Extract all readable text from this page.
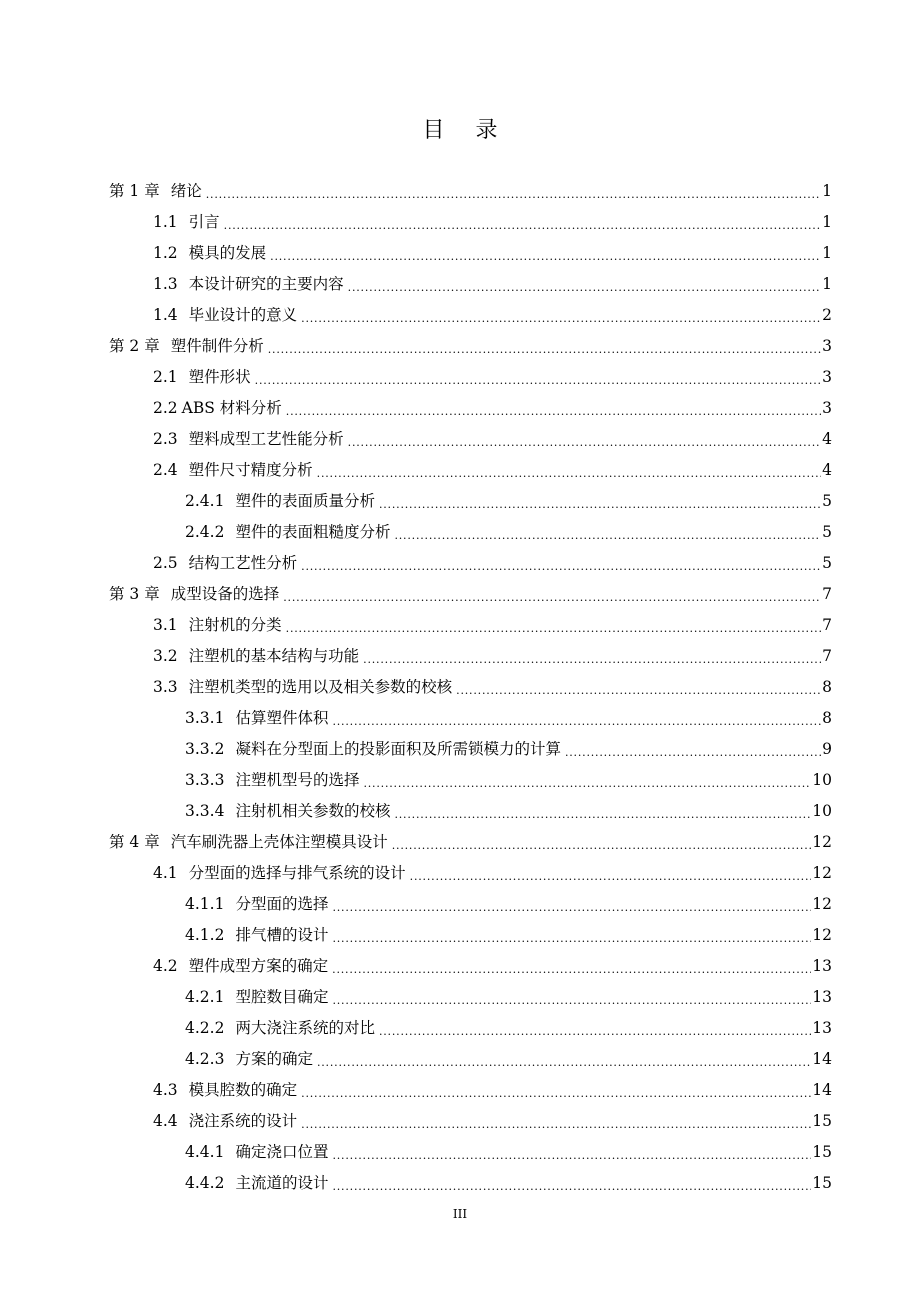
目 录
第 1 章 绪论 .....	1
1.1 引言 .....	1
1.2 模具的发展 .....	1
1.3 本设计研究的主要内容 .....	1
1.4 毕业设计的意义 .....	2
第 2 章 塑件制件分析 .....	3
2.1 塑件形状 .....	3
2.2 ABS 材料分析 .....	3
2.3 塑料成型工艺性能分析 .....	4
2.4 塑件尺寸精度分析 .....	4
2.4.1 塑件的表面质量分析 .....	5
2.4.2 塑件的表面粗糙度分析 .....	5
2.5 结构工艺性分析 .....	5
第 3 章 成型设备的选择 .....	7
3.1 注射机的分类 .....	7
3.2 注塑机的基本结构与功能 .....	7
3.3 注塑机类型的选用以及相关参数的校核 .....	8
3.3.1 估算塑件体积 .....	8
3.3.2 凝料在分型面上的投影面积及所需锁模力的计算 .....	9
3.3.3 注塑机型号的选择 .....	10
3.3.4 注射机相关参数的校核 .....	10
第 4 章 汽车刷洗器上壳体注塑模具设计 .....	12
4.1 分型面的选择与排气系统的设计 .....	12
4.1.1 分型面的选择 .....	12
4.1.2 排气槽的设计 .....	12
4.2 塑件成型方案的确定 .....	13
4.2.1 型腔数目确定 .....	13
4.2.2 两大浇注系统的对比 .....	13
4.2.3 方案的确定 .....	14
4.3 模具腔数的确定 .....	14
4.4 浇注系统的设计 .....	15
4.4.1 确定浇口位置 .....	15
4.4.2 主流道的设计 .....	15
III
